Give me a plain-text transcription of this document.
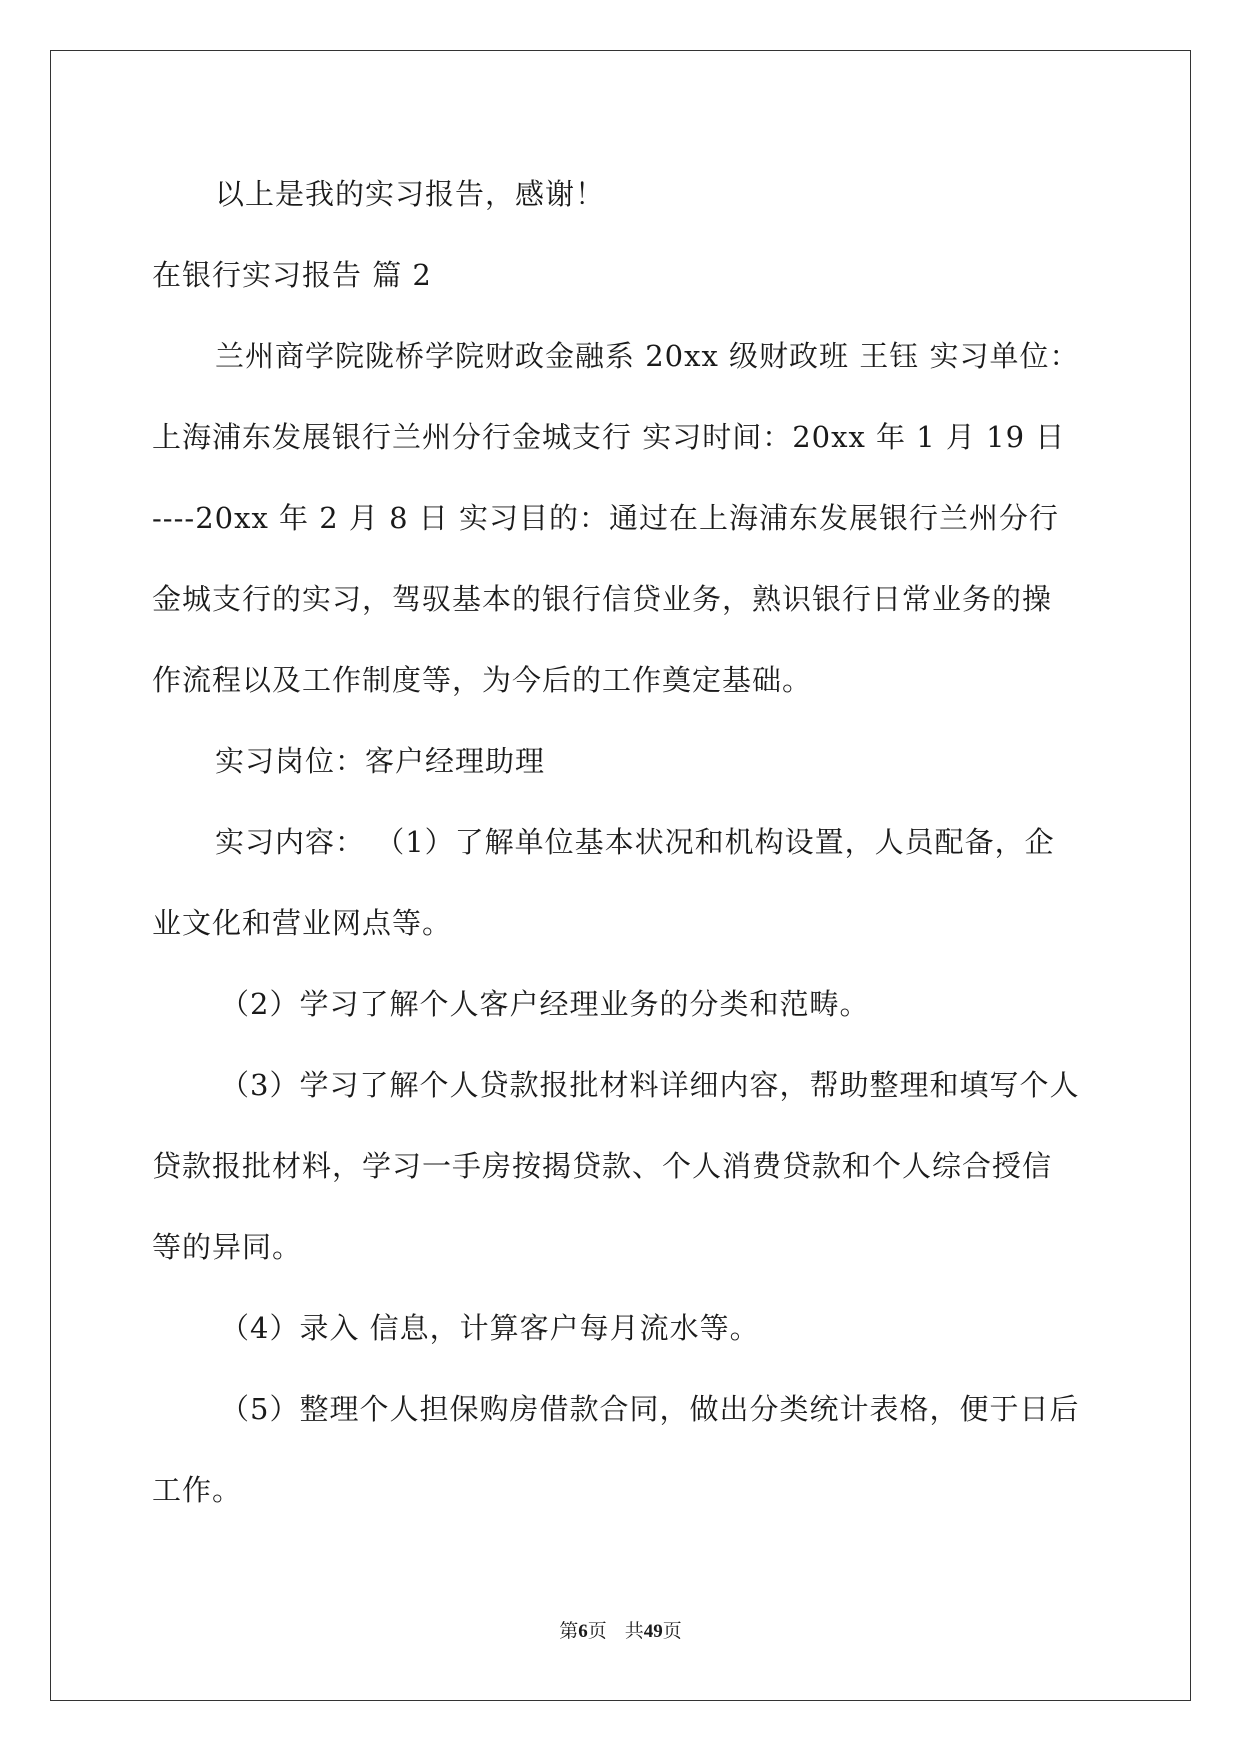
以上是我的实习报告，感谢！
在银行实习报告 篇 2
兰州商学院陇桥学院财政金融系 20xx 级财政班 王钰 实习单位：
上海浦东发展银行兰州分行金城支行 实习时间：20xx 年 1 月 19 日
----20xx 年 2 月 8 日 实习目的：通过在上海浦东发展银行兰州分行
金城支行的实习，驾驭基本的银行信贷业务，熟识银行日常业务的操
作流程以及工作制度等，为今后的工作奠定基础。
实习岗位：客户经理助理
实习内容： （1）了解单位基本状况和机构设置，人员配备，企
业文化和营业网点等。
（2）学习了解个人客户经理业务的分类和范畴。
（3）学习了解个人贷款报批材料详细内容，帮助整理和填写个人
贷款报批材料，学习一手房按揭贷款、个人消费贷款和个人综合授信
等的异同。
（4）录入 信息，计算客户每月流水等。
（5）整理个人担保购房借款合同，做出分类统计表格，便于日后
工作。
第6页 共49页
